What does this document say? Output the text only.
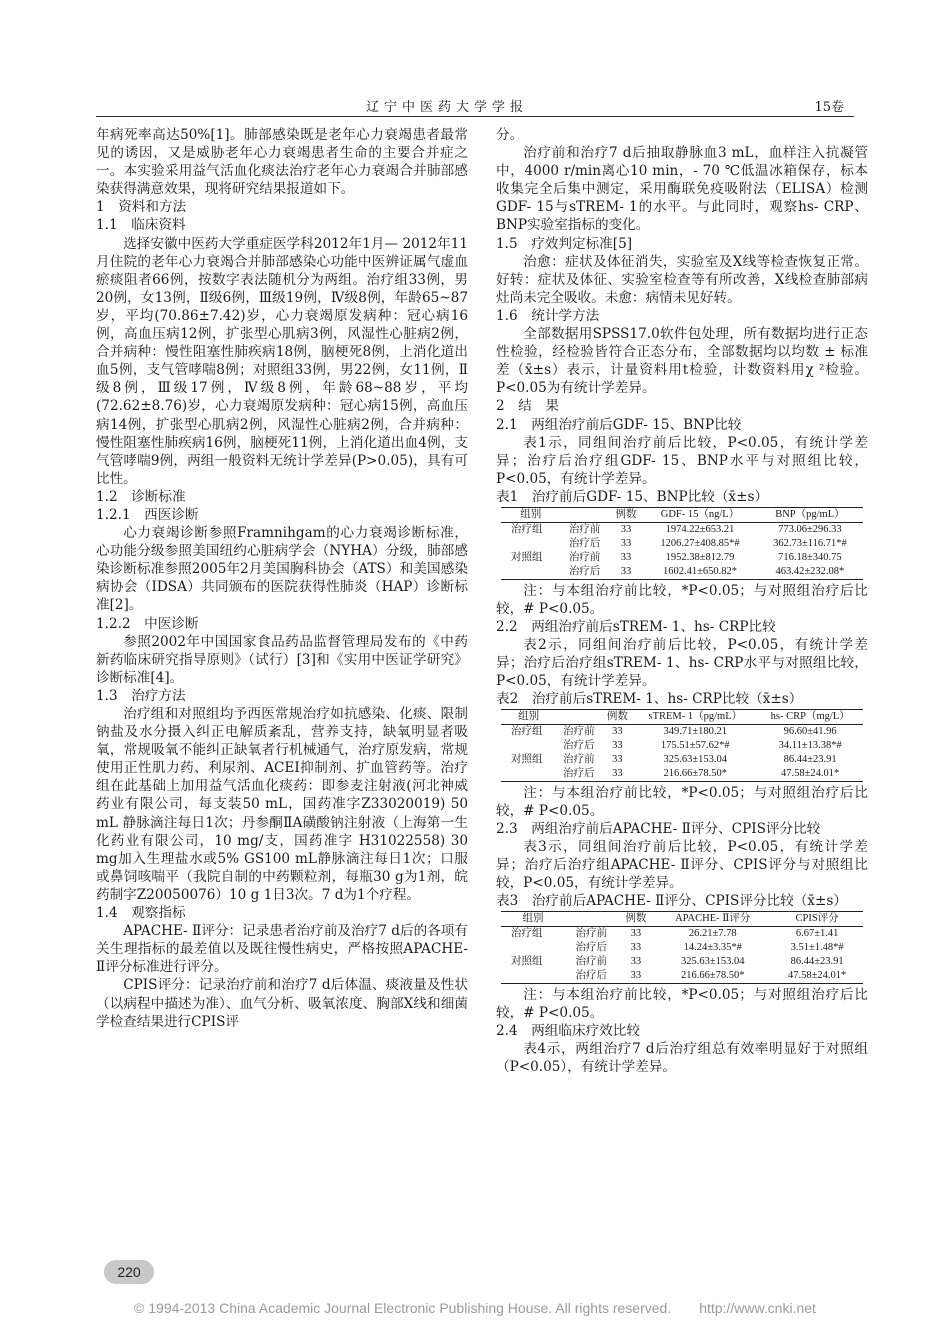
辽宁中医药大学学报	15卷

年病死率高达50%[1]。肺部感染既是老年心力衰竭患者最常见的诱因，又是威胁老年心力衰竭患者生命的主要合并症之一。本实验采用益气活血化痰法治疗老年心力衰竭合并肺部感染获得满意效果，现将研究结果报道如下。

1　资料和方法

1.1　临床资料

选择安徽中医药大学重症医学科2012年1月— 2012年11月住院的老年心力衰竭合并肺部感染心功能中医辨证属气虚血瘀痰阻者66例，按数字表法随机分为两组。治疗组33例，男20例，女13例，Ⅱ级6例，Ⅲ级19例，Ⅳ级8例，年龄65~87岁，平均(70.86±7.42)岁，心力衰竭原发病种：冠心病16例，高血压病12例，扩张型心肌病3例，风湿性心脏病2例，合并病种：慢性阻塞性肺疾病18例，脑梗死8例，上消化道出血5例，支气管哮喘8例；对照组33例，男22例，女11例，Ⅱ级8例，Ⅲ级17例，Ⅳ级8例，年龄68~88岁，平均(72.62±8.76)岁，心力衰竭原发病种：冠心病15例，高血压病14例，扩张型心肌病2例，风湿性心脏病2例，合并病种：慢性阻塞性肺疾病16例，脑梗死11例，上消化道出血4例，支气管哮喘9例，两组一般资料无统计学差异(P>0.05)，具有可比性。

1.2　诊断标准

1.2.1　西医诊断

心力衰竭诊断参照Framnihgam的心力衰竭诊断标准，心功能分级参照美国纽约心脏病学会（NYHA）分级，肺部感染诊断标准参照2005年2月美国胸科协会（ATS）和美国感染病协会（IDSA）共同颁布的医院获得性肺炎（HAP）诊断标准[2]。

1.2.2　中医诊断

参照2002年中国国家食品药品监督管理局发布的《中药新药临床研究指导原则》（试行）[3]和《实用中医证学研究》诊断标准[4]。

1.3　治疗方法

治疗组和对照组均予西医常规治疗如抗感染、化痰、限制钠盐及水分摄入纠正电解质紊乱，营养支持，缺氧明显者吸氧，常规吸氧不能纠正缺氧者行机械通气，治疗原发病，常规使用正性肌力药、利尿剂、ACEI抑制剂、扩血管药等。治疗组在此基础上加用益气活血化痰药：即参麦注射液(河北神威药业有限公司，每支装50 mL，国药准字Z33020019) 50 mL 静脉滴注每日1次；丹参酮ⅡA磺酸钠注射液（上海第一生化药业有限公司，10 mg/支，国药准字 H31022558) 30 mg加入生理盐水或5% GS100 mL静脉滴注每日1次；口服或鼻饲咳喘平（我院自制的中药颗粒剂，每瓶30 g为1剂，皖药制字Z20050076）10 g 1日3次。7 d为1个疗程。

1.4　观察指标

APACHE- Ⅱ评分：记录患者治疗前及治疗7 d后的各项有关生理指标的最差值以及既往慢性病史，严格按照APACHE- Ⅱ评分标准进行评分。

CPIS评分：记录治疗前和治疗7 d后体温、痰液量及性状（以病程中描述为准）、血气分析、吸氧浓度、胸部X线和细菌学检查结果进行CPIS评

分。

治疗前和治疗7 d后抽取静脉血3 mL，血样注入抗凝管中，4000 r/min离心10 min，- 70 ℃低温冰箱保存，标本收集完全后集中测定，采用酶联免疫吸附法（ELISA）检测GDF- 15与sTREM- 1的水平。与此同时，观察hs- CRP、BNP实验室指标的变化。

1.5　疗效判定标准[5]

治愈：症状及体征消失，实验室及X线等检查恢复正常。好转：症状及体征、实验室检查等有所改善，X线检查肺部病灶尚未完全吸收。未愈：病情未见好转。

1.6　统计学方法

全部数据用SPSS17.0软件包处理，所有数据均进行正态性检验，经检验皆符合正态分布，全部数据均以均数 ± 标准差（x̄±s）表示，计量资料用t检验，计数资料用χ ²检验。P<0.05为有统计学差异。

2　结　果

2.1　两组治疗前后GDF- 15、BNP比较

表1示，同组间治疗前后比较，P<0.05，有统计学差异；治疗后治疗组GDF- 15、BNP水平与对照组比较，P<0.05，有统计学差异。

表1　治疗前后GDF- 15、BNP比较（x̄±s）

组别		例数	GDF- 15（ng/L）	BNP（pg/mL）
治疗组	治疗前	33	1974.22±653.21	773.06±296.33
	治疗后	33	1206.27±408.85*#	362.73±116.71*#
对照组	治疗前	33	1952.38±812.79	716.18±340.75
	治疗后	33	1602.41±650.82*	463.42±232.08*

注：与本组治疗前比较，*P<0.05；与对照组治疗后比较，# P<0.05。

2.2　两组治疗前后sTREM- 1、hs- CRP比较

表2示，同组间治疗前后比较，P<0.05，有统计学差异；治疗后治疗组sTREM- 1、hs- CRP水平与对照组比较，P<0.05，有统计学差异。

表2　治疗前后sTREM- 1、hs- CRP比较（x̄±s）

组别		例数	sTREM- 1（pg/mL）	hs- CRP（mg/L）
治疗组	治疗前	33	349.71±180.21	96.60±41.96
	治疗后	33	175.51±57.62*#	34.11±13.38*#
对照组	治疗前	33	325.63±153.04	86.44±23.91
	治疗后	33	216.66±78.50*	47.58±24.01*

注：与本组治疗前比较，*P<0.05；与对照组治疗后比较，# P<0.05。

2.3　两组治疗前后APACHE- Ⅱ评分、CPIS评分比较

表3示，同组间治疗前后比较，P<0.05，有统计学差异；治疗后治疗组APACHE- Ⅱ评分、CPIS评分与对照组比较，P<0.05，有统计学差异。

表3　治疗前后APACHE- Ⅱ评分、CPIS评分比较（x̄±s）

组别		例数	APACHE- Ⅱ评分	CPIS评分
治疗组	治疗前	33	26.21±7.78	6.67±1.41
	治疗后	33	14.24±3.35*#	3.51±1.48*#
对照组	治疗前	33	325.63±153.04	86.44±23.91
	治疗后	33	216.66±78.50*	47.58±24.01*

注：与本组治疗前比较，*P<0.05；与对照组治疗后比较，# P<0.05。

2.4　两组临床疗效比较

表4示，两组治疗7 d后治疗组总有效率明显好于对照组（P<0.05），有统计学差异。

220
© 1994-2013 China Academic Journal Electronic Publishing House. All rights reserved.　　http://www.cnki.net
